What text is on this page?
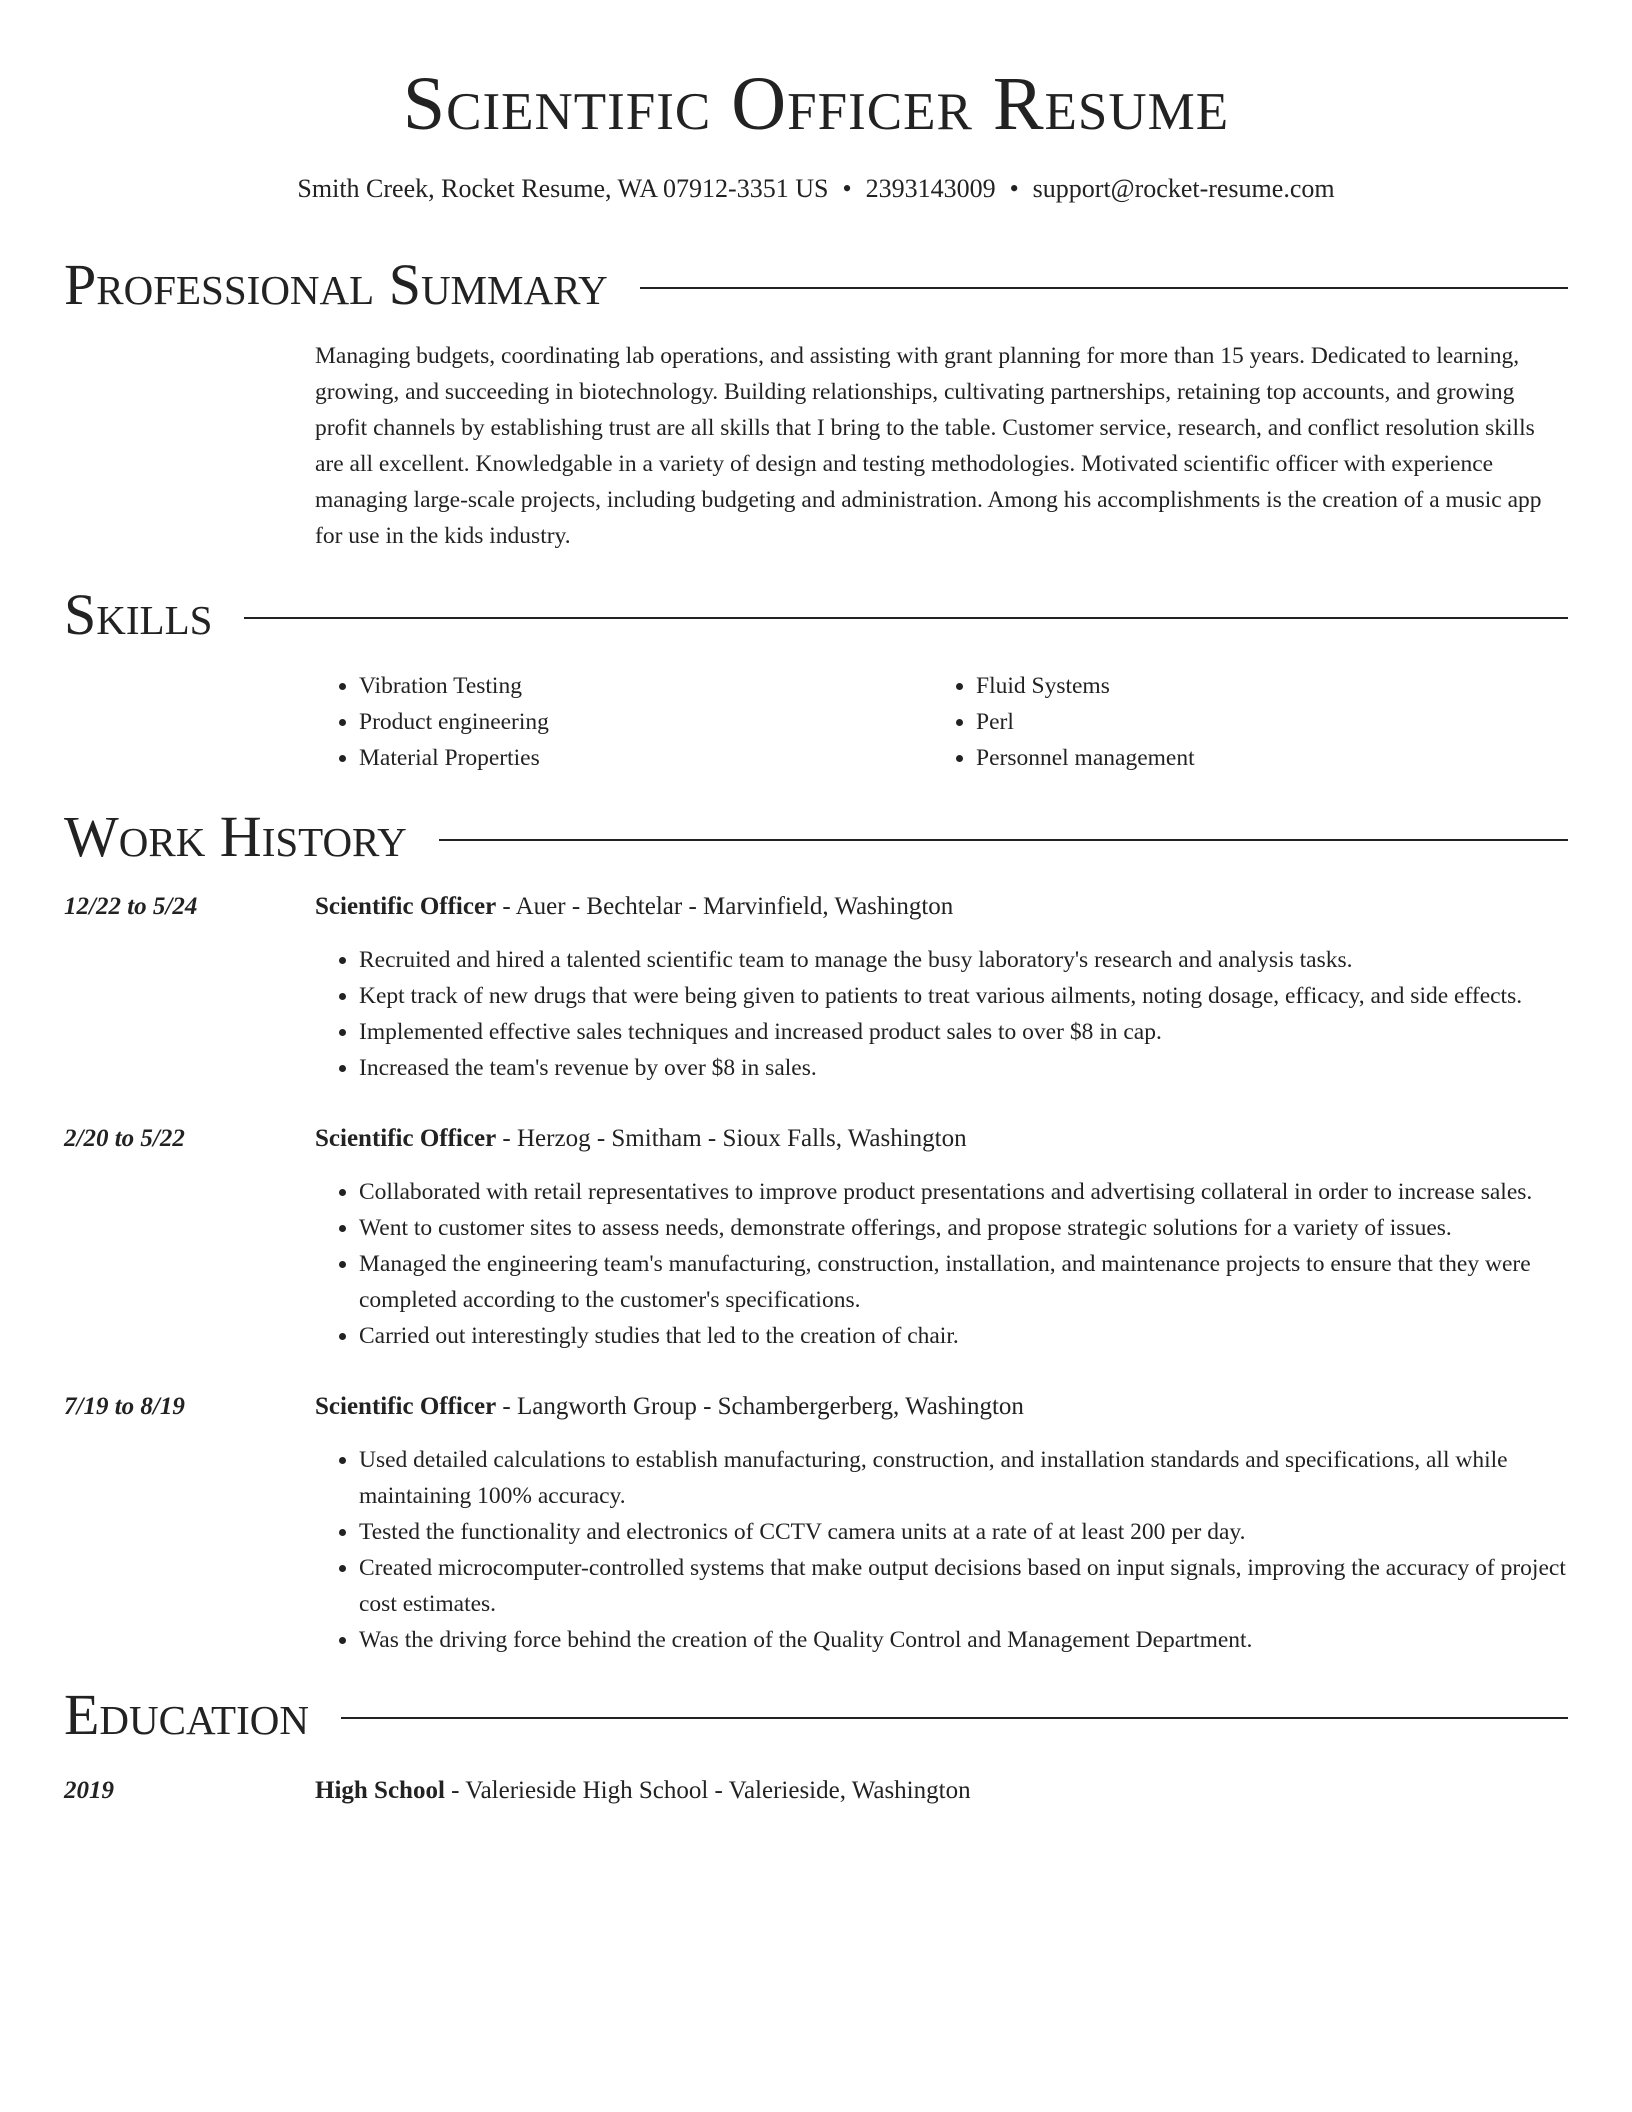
Scientific Officer Resume
Smith Creek, Rocket Resume, WA 07912-3351 US • 2393143009 • support@rocket-resume.com
Professional Summary
Managing budgets, coordinating lab operations, and assisting with grant planning for more than 15 years. Dedicated to learning, growing, and succeeding in biotechnology. Building relationships, cultivating partnerships, retaining top accounts, and growing profit channels by establishing trust are all skills that I bring to the table. Customer service, research, and conflict resolution skills are all excellent. Knowledgable in a variety of design and testing methodologies. Motivated scientific officer with experience managing large-scale projects, including budgeting and administration. Among his accomplishments is the creation of a music app for use in the kids industry.
Skills
• Vibration Testing
• Product engineering
• Material Properties
• Fluid Systems
• Perl
• Personnel management
Work History
12/22 to 5/24	Scientific Officer - Auer - Bechtelar - Marvinfield, Washington
• Recruited and hired a talented scientific team to manage the busy laboratory's research and analysis tasks.
• Kept track of new drugs that were being given to patients to treat various ailments, noting dosage, efficacy, and side effects.
• Implemented effective sales techniques and increased product sales to over $8 in cap.
• Increased the team's revenue by over $8 in sales.
2/20 to 5/22	Scientific Officer - Herzog - Smitham - Sioux Falls, Washington
• Collaborated with retail representatives to improve product presentations and advertising collateral in order to increase sales.
• Went to customer sites to assess needs, demonstrate offerings, and propose strategic solutions for a variety of issues.
• Managed the engineering team's manufacturing, construction, installation, and maintenance projects to ensure that they were completed according to the customer's specifications.
• Carried out interestingly studies that led to the creation of chair.
7/19 to 8/19	Scientific Officer - Langworth Group - Schambergerberg, Washington
• Used detailed calculations to establish manufacturing, construction, and installation standards and specifications, all while maintaining 100% accuracy.
• Tested the functionality and electronics of CCTV camera units at a rate of at least 200 per day.
• Created microcomputer-controlled systems that make output decisions based on input signals, improving the accuracy of project cost estimates.
• Was the driving force behind the creation of the Quality Control and Management Department.
Education
2019	High School - Valerieside High School - Valerieside, Washington
